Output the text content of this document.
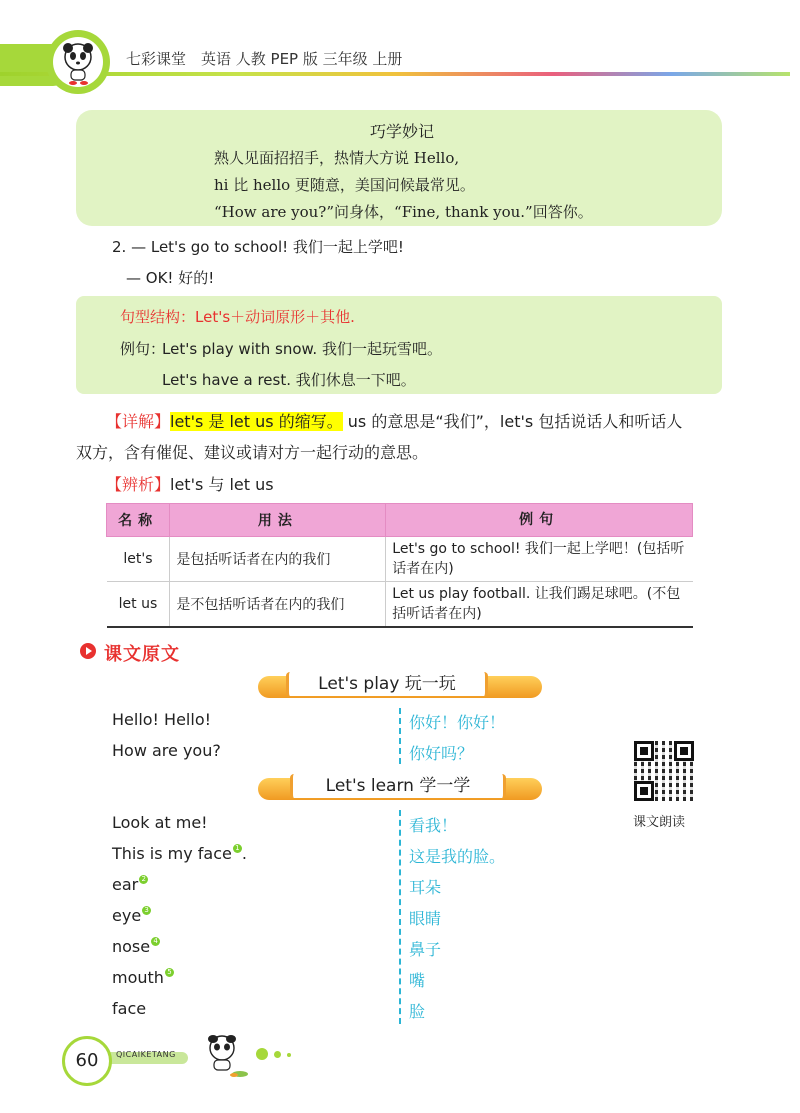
七彩课堂　英语 人教 PEP 版 三年级 上册
巧学妙记
熟人见面招招手，热情大方说 Hello,
hi 比 hello 更随意，美国问候最常见。
“How are you?”问身体，“Fine, thank you.”回答你。
2. — Let's go to school! 我们一起上学吧!
— OK! 好的!
句型结构：Let's＋动词原形＋其他.
例句：
Let's play with snow. 我们一起玩雪吧。
Let's have a rest. 我们休息一下吧。
【详解】let's 是 let us 的缩写。 us 的意思是“我们”，let's 包括说话人和听话人
双方，含有催促、建议或请对方一起行动的意思。
【辨析】let's 与 let us
名称	用法	例句
let's	是包括听话者在内的我们	Let's go to school! 我们一起上学吧！(包括听话者在内)
let us	是不包括听话者在内的我们	Let us play football. 让我们踢足球吧。(不包括听话者在内)
课文原文
Let's play 玩一玩
Hello! Hello!	你好！你好！
How are you?	你好吗？
Let's learn 学一学
Look at me!	看我！
This is my face 1 .	这是我的脸。
ear 2	耳朵
eye 3	眼睛
nose 4	鼻子
mouth 5	嘴
face	脸
课文朗读
60	QICAIKETANG
